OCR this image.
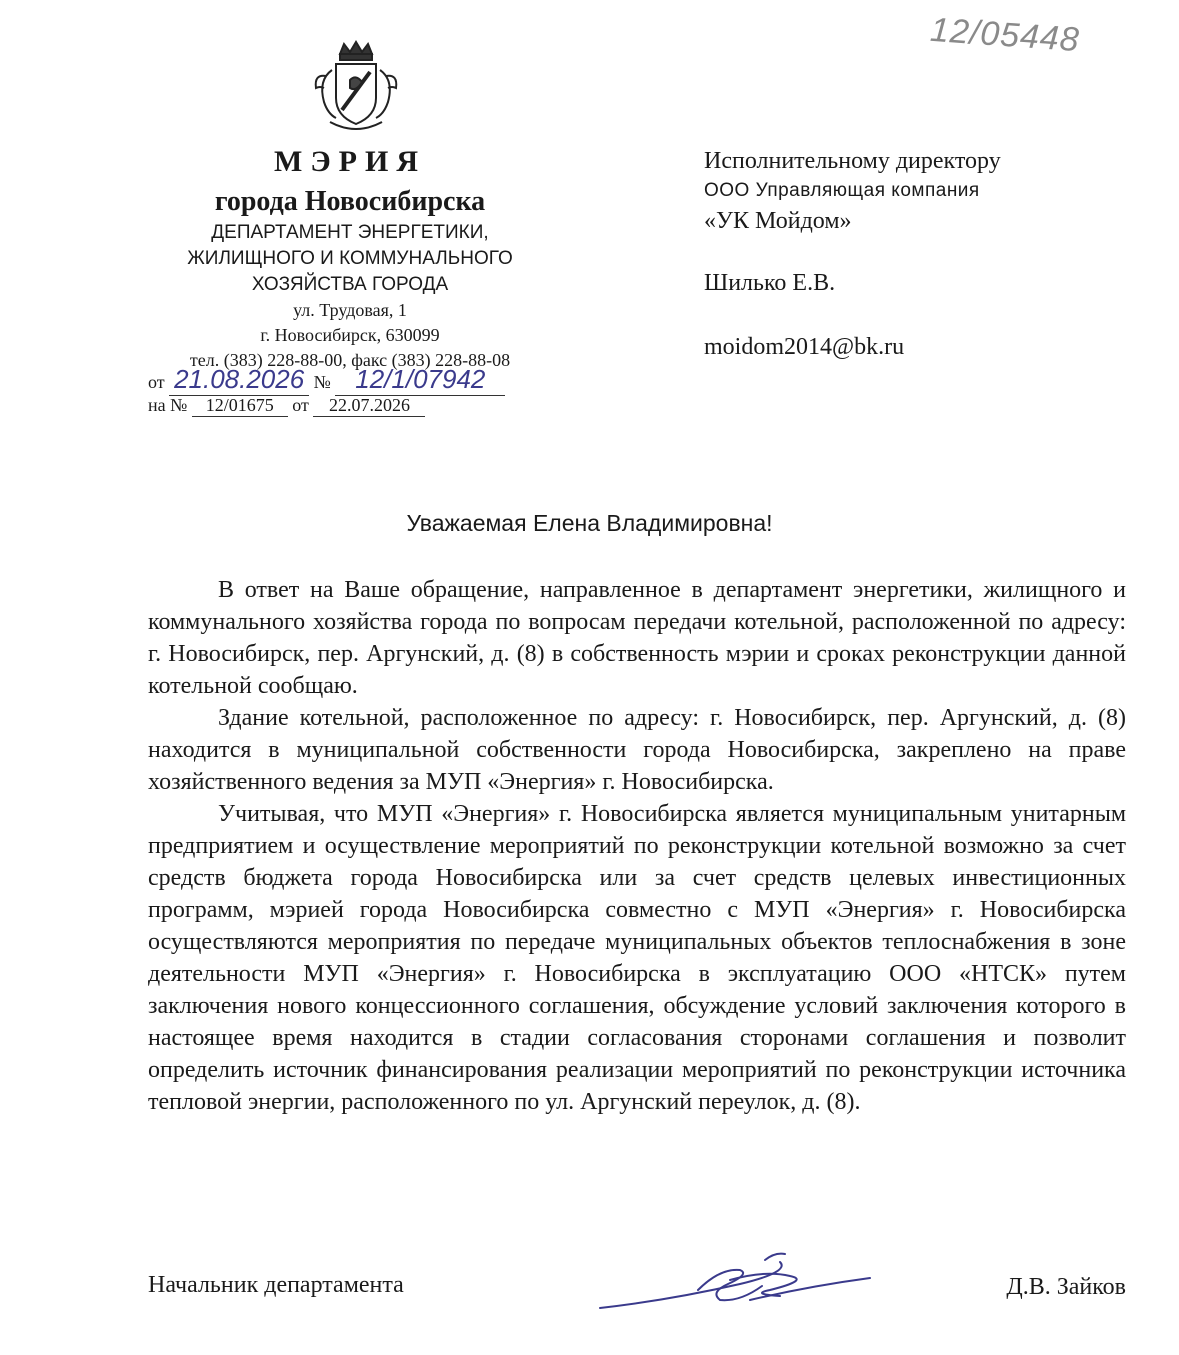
12/05448
МЭРИЯ
города Новосибирска
ДЕПАРТАМЕНТ ЭНЕРГЕТИКИ,
ЖИЛИЩНОГО И КОММУНАЛЬНОГО
ХОЗЯЙСТВА ГОРОДА
ул. Трудовая, 1
г. Новосибирск, 630099
тел. (383) 228-88-00, факс (383) 228-88-08
от 21.08.2026 № 12/1/07942
на № 12/01675 от 22.07.2026
Исполнительному директору
ООО Управляющая компания
«УК Мойдом»
Шилько Е.В.
moidom2014@bk.ru
Уважаемая Елена Владимировна!

В ответ на Ваше обращение, направленное в департамент энергетики, жилищного и коммунального хозяйства города по вопросам передачи котельной, расположенной по адресу: г. Новосибирск, пер. Аргунский, д. (8) в собственность мэрии и сроках реконструкции данной котельной сообщаю.

Здание котельной, расположенное по адресу: г. Новосибирск, пер. Аргунский, д. (8) находится в муниципальной собственности города Новосибирска, закреплено на праве хозяйственного ведения за МУП «Энергия» г. Новосибирска.

Учитывая, что МУП «Энергия» г. Новосибирска является муниципальным унитарным предприятием и осуществление мероприятий по реконструкции котельной возможно за счет средств бюджета города Новосибирска или за счет средств целевых инвестиционных программ, мэрией города Новосибирска совместно с МУП «Энергия» г. Новосибирска осуществляются мероприятия по передаче муниципальных объектов теплоснабжения в зоне деятельности МУП «Энергия» г. Новосибирска в эксплуатацию ООО «НТСК» путем заключения нового концессионного соглашения, обсуждение условий заключения которого в настоящее время находится в стадии согласования сторонами соглашения и позволит определить источник финансирования реализации мероприятий по реконструкции источника тепловой энергии, расположенного по ул. Аргунский переулок, д. (8).

Начальник департамента	Д.В. Зайков
